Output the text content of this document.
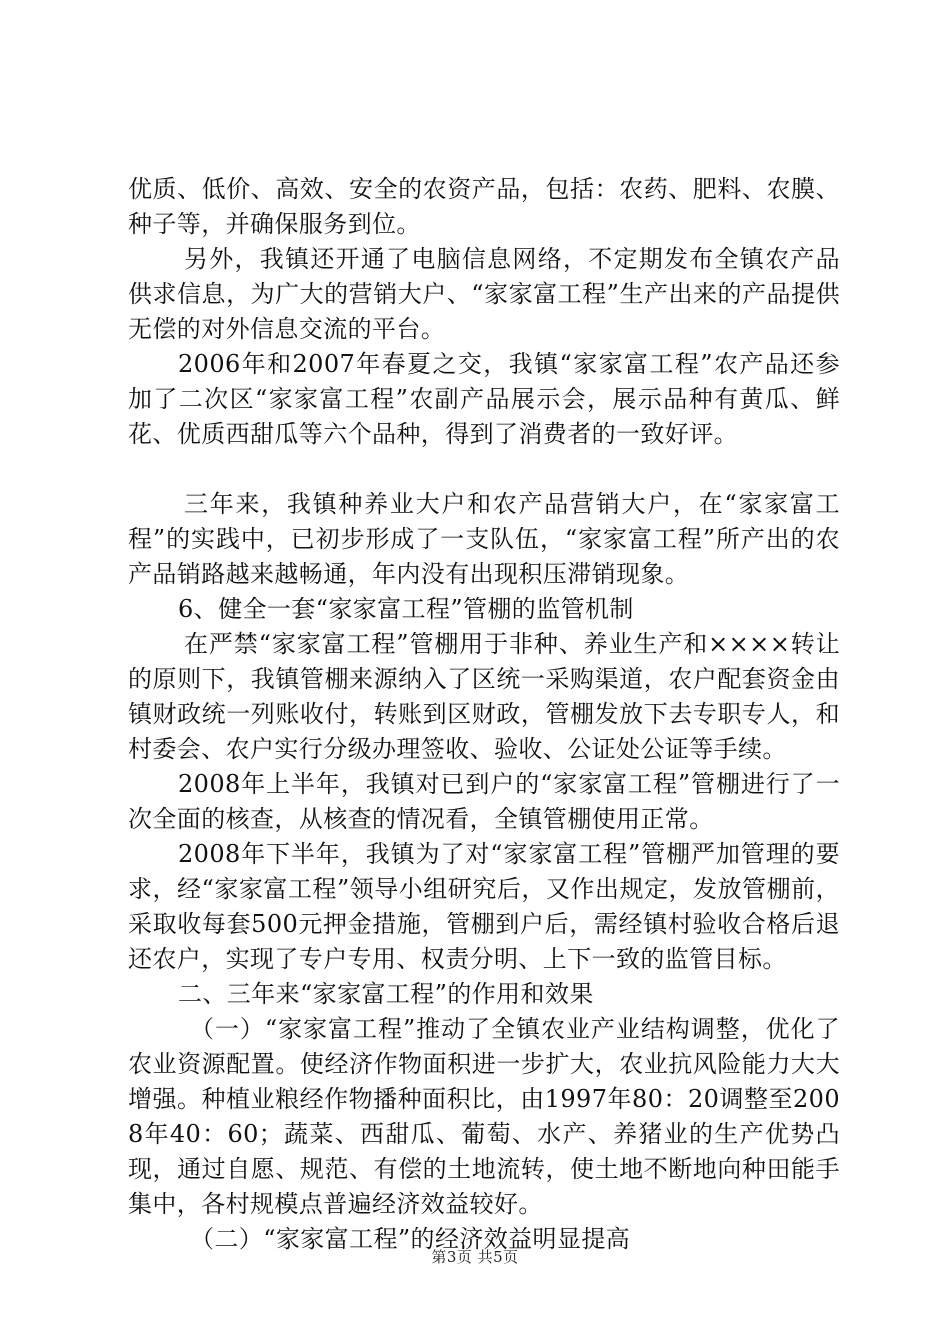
优质、低价、高效、安全的农资产品，包括：农药、肥料、农膜、种子等，并确保服务到位。

另外，我镇还开通了电脑信息网络，不定期发布全镇农产品供求信息，为广大的营销大户、“家家富工程”生产出来的产品提供无偿的对外信息交流的平台。

2006年和2007年春夏之交，我镇“家家富工程”农产品还参加了二次区“家家富工程”农副产品展示会，展示品种有黄瓜、鲜花、优质西甜瓜等六个品种，得到了消费者的一致好评。

三年来，我镇种养业大户和农产品营销大户，在“家家富工程”的实践中，已初步形成了一支队伍，“家家富工程”所产出的农产品销路越来越畅通，年内没有出现积压滞销现象。

6、健全一套“家家富工程”管棚的监管机制

在严禁“家家富工程”管棚用于非种、养业生产和××××转让的原则下，我镇管棚来源纳入了区统一采购渠道，农户配套资金由镇财政统一列账收付，转账到区财政，管棚发放下去专职专人，和村委会、农户实行分级办理签收、验收、公证处公证等手续。

2008年上半年，我镇对已到户的“家家富工程”管棚进行了一次全面的核查，从核查的情况看，全镇管棚使用正常。

2008年下半年，我镇为了对“家家富工程”管棚严加管理的要求，经“家家富工程”领导小组研究后，又作出规定，发放管棚前，采取收每套500元押金措施，管棚到户后，需经镇村验收合格后退还农户，实现了专户专用、权责分明、上下一致的监管目标。

二、三年来“家家富工程”的作用和效果

（一）“家家富工程”推动了全镇农业产业结构调整，优化了农业资源配置。使经济作物面积进一步扩大，农业抗风险能力大大增强。种植业粮经作物播种面积比，由1997年80：20调整至2008年40：60；蔬菜、西甜瓜、葡萄、水产、养猪业的生产优势凸现，通过自愿、规范、有偿的土地流转，使土地不断地向种田能手集中，各村规模点普遍经济效益较好。

（二）“家家富工程”的经济效益明显提高

第3页 共5页
